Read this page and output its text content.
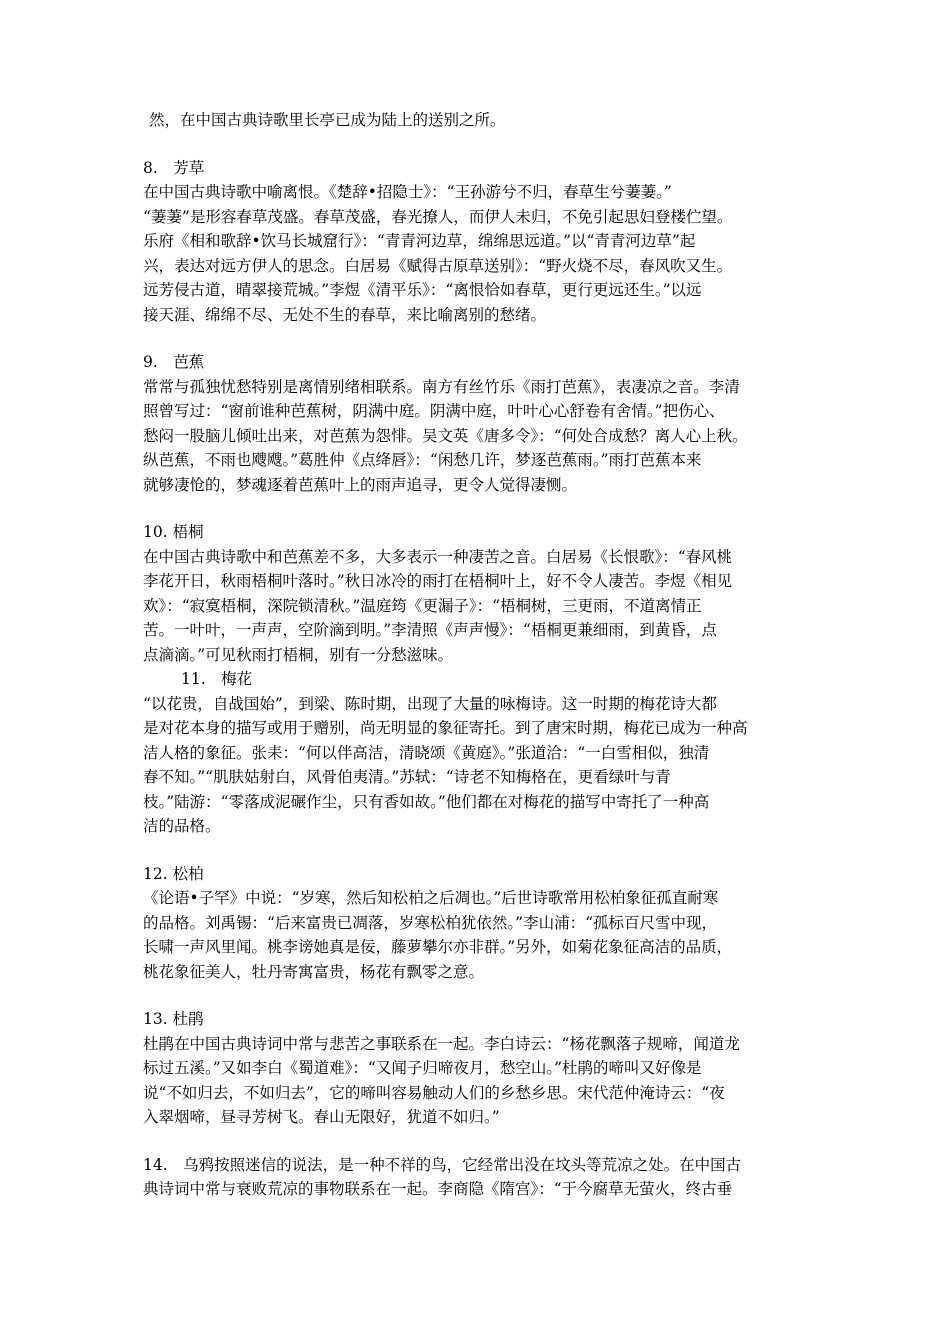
然，在中国古典诗歌里长亭已成为陆上的送别之所。
8.　芳草
在中国古典诗歌中喻离恨。《楚辞•招隐士》：“王孙游兮不归，春草生兮萋萋。”
“萋萋”是形容春草茂盛。春草茂盛，春光撩人，而伊人未归，不免引起思妇登楼伫望。
乐府《相和歌辞•饮马长城窟行》：“青青河边草，绵绵思远道。”以“青青河边草”起
兴，表达对远方伊人的思念。白居易《赋得古原草送别》：“野火烧不尽，春风吹又生。
远芳侵古道，晴翠接荒城。”李煜《清平乐》：“离恨恰如春草，更行更远还生。”以远
接天涯、绵绵不尽、无处不生的春草，来比喻离别的愁绪。
9.　芭蕉
常常与孤独忧愁特别是离情别绪相联系。南方有丝竹乐《雨打芭蕉》，表凄凉之音。李清
照曾写过：“窗前谁种芭蕉树，阴满中庭。阴满中庭，叶叶心心舒卷有舍情。”把伤心、
愁闷一股脑儿倾吐出来，对芭蕉为怨悱。吴文英《唐多令》：“何处合成愁？离人心上秋。
纵芭蕉，不雨也飕飕。”葛胜仲《点绛唇》：“闲愁几许，梦逐芭蕉雨。”雨打芭蕉本来
就够凄怆的，梦魂逐着芭蕉叶上的雨声追寻，更令人觉得凄恻。
10. 梧桐
在中国古典诗歌中和芭蕉差不多，大多表示一种凄苦之音。白居易《长恨歌》：“春风桃
李花开日，秋雨梧桐叶落时。”秋日冰冷的雨打在梧桐叶上，好不令人凄苦。李煜《相见
欢》：“寂寞梧桐，深院锁清秋。”温庭筠《更漏子》：“梧桐树，三更雨，不道离情正
苦。一叶叶，一声声，空阶滴到明。”李清照《声声慢》：“梧桐更兼细雨，到黄昏，点
点滴滴。”可见秋雨打梧桐，别有一分愁滋味。
11.　梅花
“以花贵，自战国始”，到梁、陈时期，出现了大量的咏梅诗。这一时期的梅花诗大都
是对花本身的描写或用于赠别，尚无明显的象征寄托。到了唐宋时期，梅花已成为一种高
洁人格的象征。张耒：“何以伴高洁，清晓颂《黄庭》。”张道洽：“一白雪相似，独清
春不知。”“肌肤姑射白，风骨伯夷清。”苏轼：“诗老不知梅格在，更看绿叶与青
枝。”陆游：“零落成泥碾作尘，只有香如故。”他们都在对梅花的描写中寄托了一种高
洁的品格。
12. 松柏
《论语•子罕》中说：“岁寒，然后知松柏之后凋也。”后世诗歌常用松柏象征孤直耐寒
的品格。刘禹锡：“后来富贵已凋落，岁寒松柏犹依然。”李山浦：“孤标百尺雪中现，
长啸一声风里闻。桃李谤她真是佞，藤萝攀尔亦非群。”另外，如菊花象征高洁的品质，
桃花象征美人，牡丹寄寓富贵，杨花有飘零之意。
13. 杜鹃
杜鹃在中国古典诗词中常与悲苦之事联系在一起。李白诗云：“杨花飘落子规啼，闻道龙
标过五溪。”又如李白《蜀道难》：“又闻子归啼夜月，愁空山。”杜鹃的啼叫又好像是
说“不如归去，不如归去”，它的啼叫容易触动人们的乡愁乡思。宋代范仲淹诗云：“夜
入翠烟啼，昼寻芳树飞。春山无限好，犹道不如归。”
14.　乌鸦按照迷信的说法，是一种不祥的鸟，它经常出没在坟头等荒凉之处。在中国古
典诗词中常与衰败荒凉的事物联系在一起。李商隐《隋宫》：“于今腐草无萤火，终古垂
